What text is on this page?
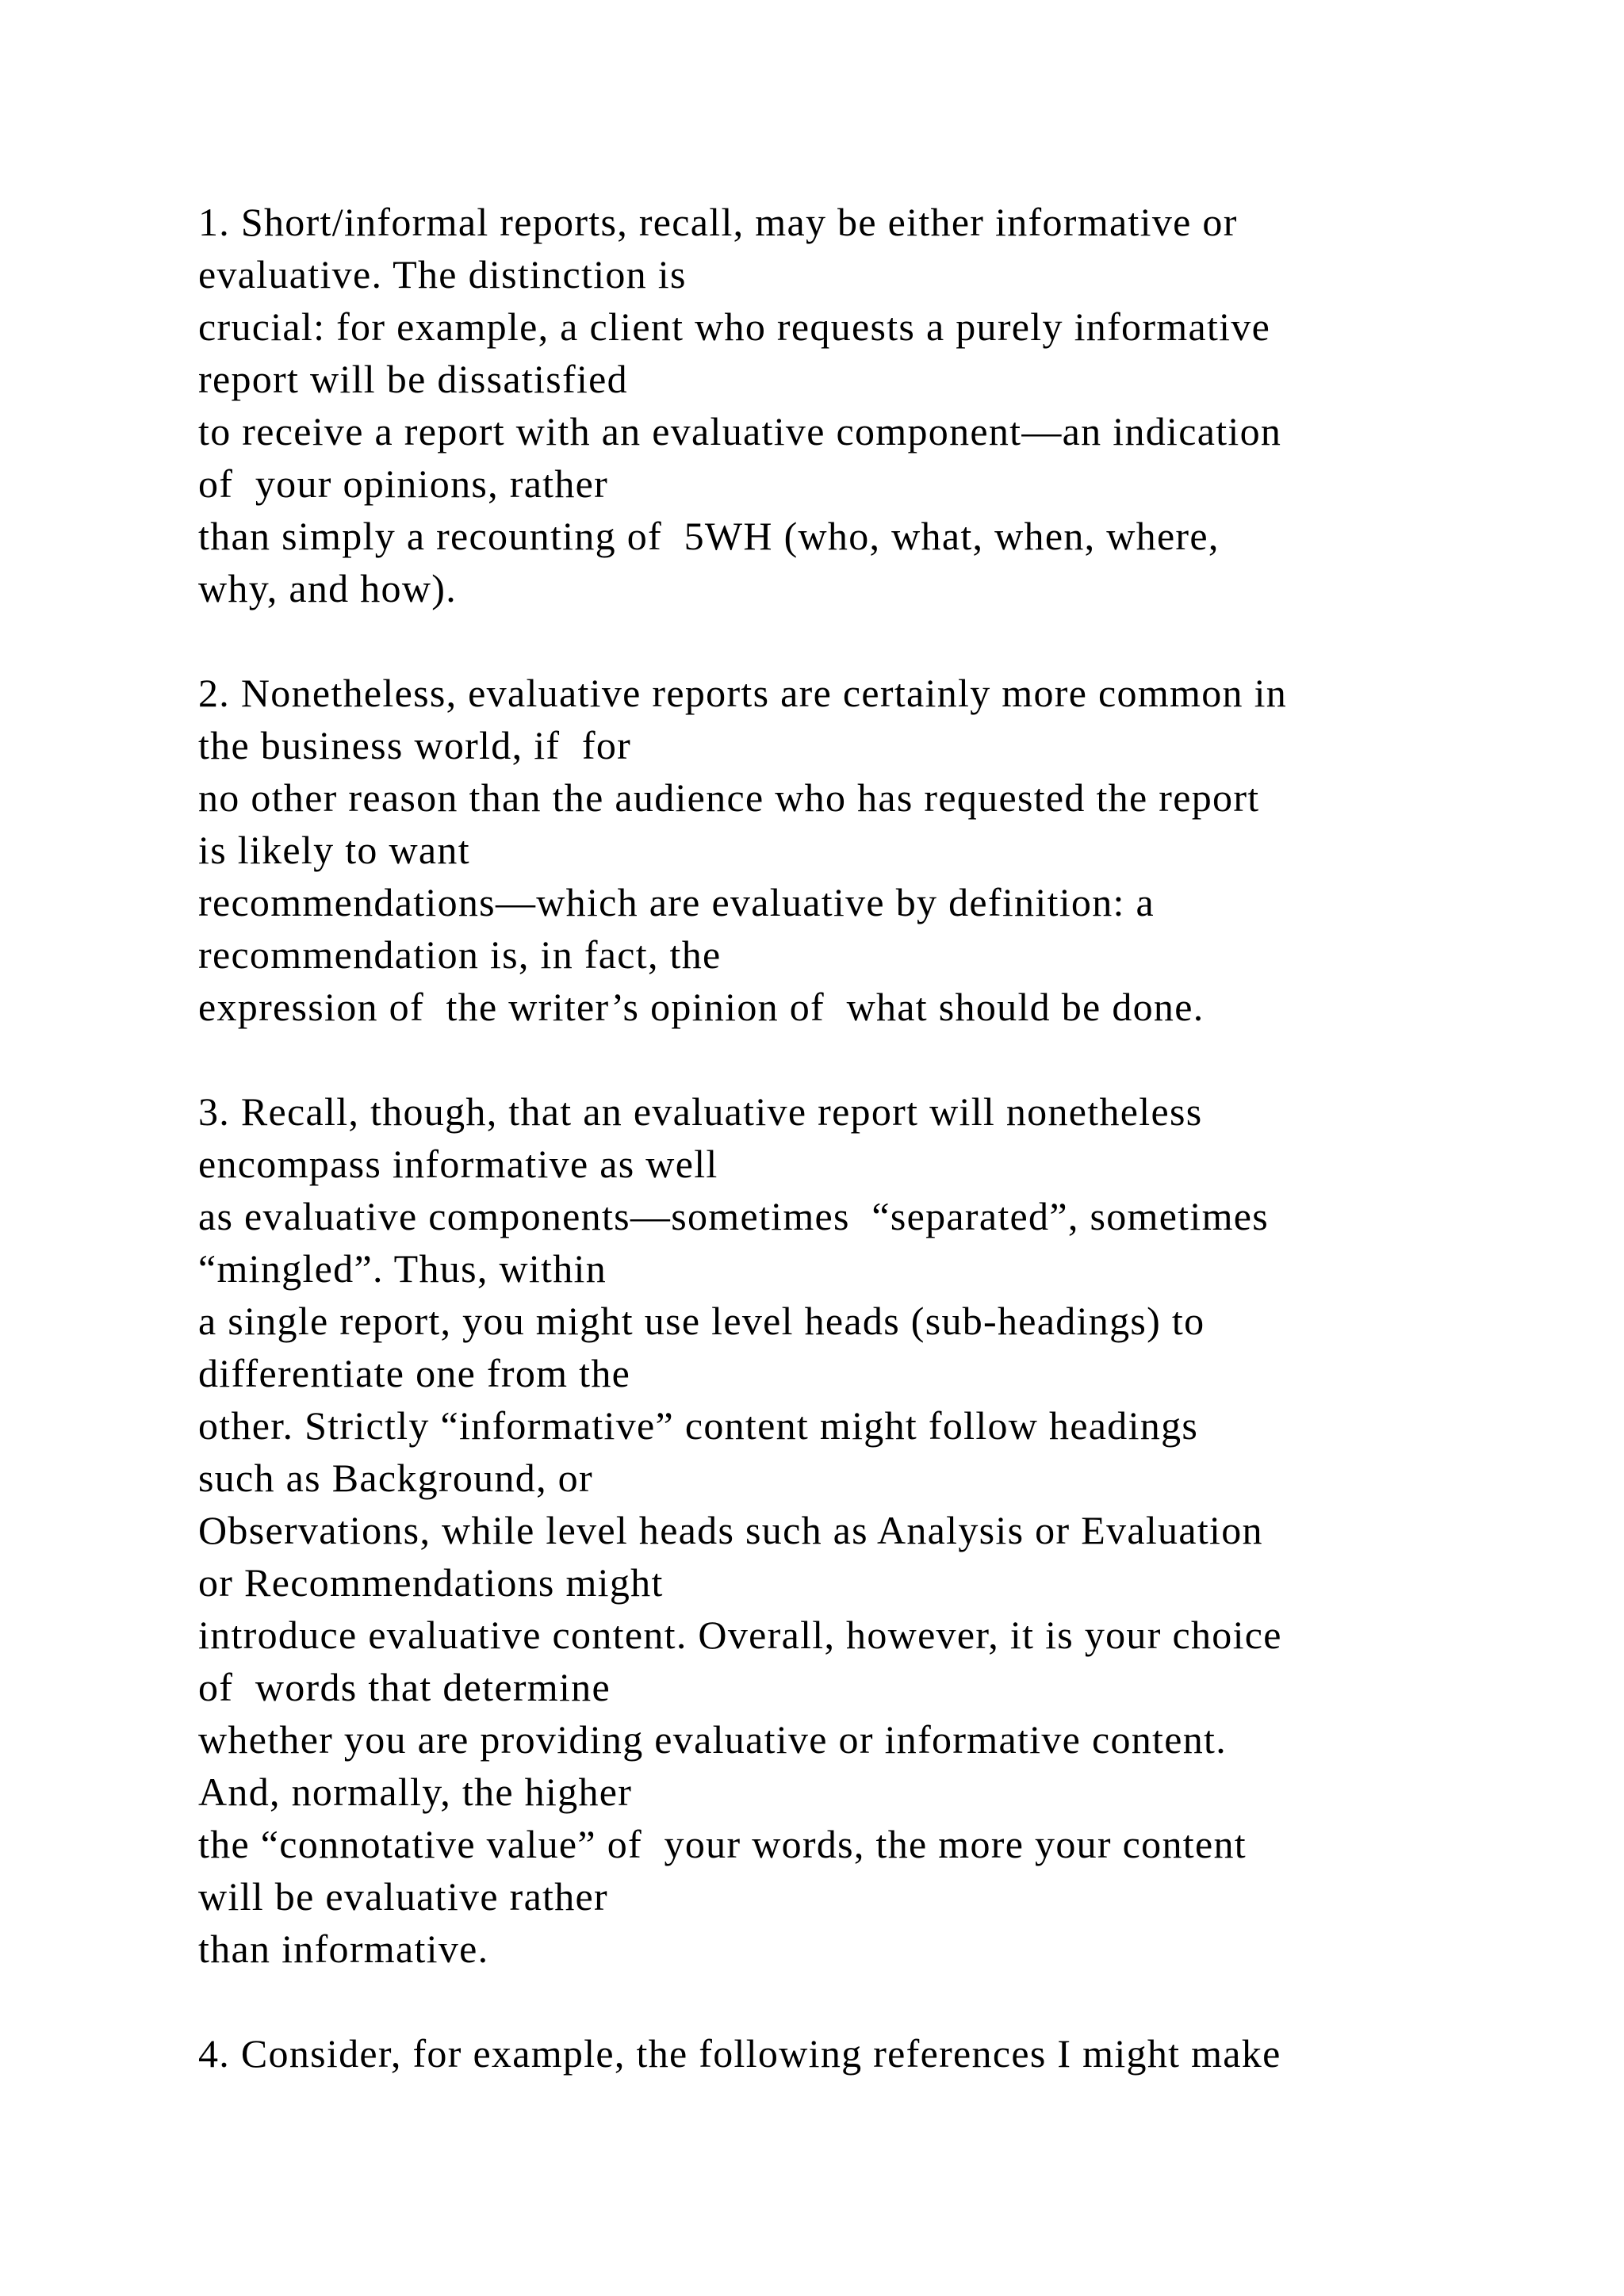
1. Short/informal reports, recall, may be either informative or
evaluative. The distinction is
crucial: for example, a client who requests a purely informative
report will be dissatisfied
to receive a report with an evaluative component—an indication
of  your opinions, rather
than simply a recounting of  5WH (who, what, when, where,
why, and how).
2. Nonetheless, evaluative reports are certainly more common in
the business world, if  for
no other reason than the audience who has requested the report
is likely to want
recommendations—which are evaluative by definition: a
recommendation is, in fact, the
expression of  the writer’s opinion of  what should be done.
3. Recall, though, that an evaluative report will nonetheless
encompass informative as well
as evaluative components—sometimes  “separated”, sometimes
“mingled”. Thus, within
a single report, you might use level heads (sub-headings) to
differentiate one from the
other. Strictly “informative” content might follow headings
such as Background, or
Observations, while level heads such as Analysis or Evaluation
or Recommendations might
introduce evaluative content. Overall, however, it is your choice
of  words that determine
whether you are providing evaluative or informative content.
And, normally, the higher
the “connotative value” of  your words, the more your content
will be evaluative rather
than informative.
4. Consider, for example, the following references I might make
